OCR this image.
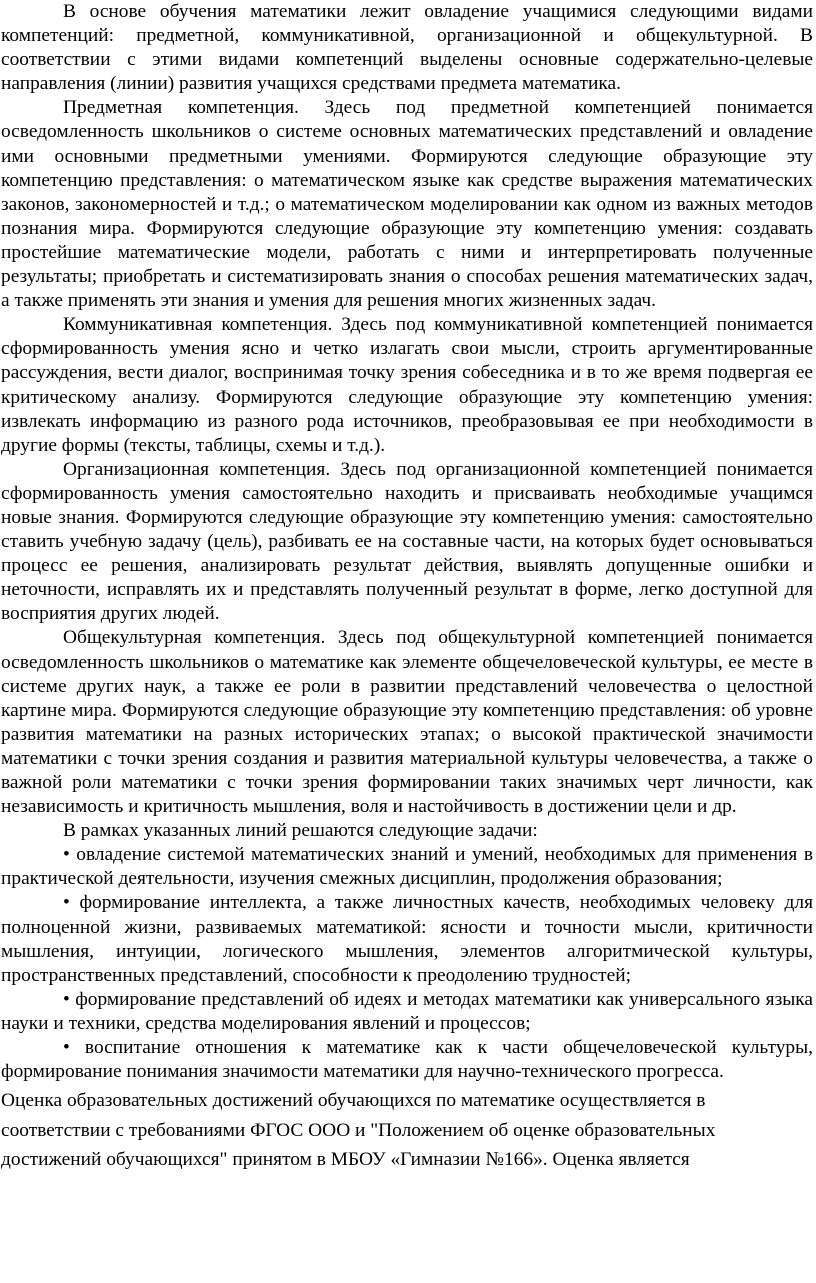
В основе обучения математики лежит овладение учащимися следующими видами компетенций: предметной, коммуникативной, организационной и общекультурной. В соответствии с этими видами компетенций выделены основные содержательно-целевые направления (линии) развития учащихся средствами предмета математика.

Предметная компетенция. Здесь под предметной компетенцией понимается осведомленность школьников о системе основных математических представлений и овладение ими основными предметными умениями. Формируются следующие образующие эту компетенцию представления: о математическом языке как средстве выражения математических законов, закономерностей и т.д.; о математическом моделировании как одном из важных методов познания мира. Формируются следующие образующие эту компетенцию умения: создавать простейшие математические модели, работать с ними и интерпретировать полученные результаты; приобретать и систематизировать знания о способах решения математических задач, а также применять эти знания и умения для решения многих жизненных задач.

Коммуникативная компетенция. Здесь под коммуникативной компетенцией понимается сформированность умения ясно и четко излагать свои мысли, строить аргументированные рассуждения, вести диалог, воспринимая точку зрения собеседника и в то же время подвергая ее критическому анализу. Формируются следующие образующие эту компетенцию умения: извлекать информацию из разного рода источников, преобразовывая ее при необходимости в другие формы (тексты, таблицы, схемы и т.д.).

Организационная компетенция. Здесь под организационной компетенцией понимается сформированность умения самостоятельно находить и присваивать необходимые учащимся новые знания. Формируются следующие образующие эту компетенцию умения: самостоятельно ставить учебную задачу (цель), разбивать ее на составные части, на которых будет основываться процесс ее решения, анализировать результат действия, выявлять допущенные ошибки и неточности, исправлять их и представлять полученный результат в форме, легко доступной для восприятия других людей.

Общекультурная компетенция. Здесь под общекультурной компетенцией понимается осведомленность школьников о математике как элементе общечеловеческой культуры, ее месте в системе других наук, а также ее роли в развитии представлений человечества о целостной картине мира. Формируются следующие образующие эту компетенцию представления: об уровне развития математики на разных исторических этапах; о высокой практической значимости математики с точки зрения создания и развития материальной культуры человечества, а также о важной роли математики с точки зрения формировании таких значимых черт личности, как независимость и критичность мышления, воля и настойчивость в достижении цели и др.

В рамках указанных линий решаются следующие задачи:

• овладение системой математических знаний и умений, необходимых для применения в практической деятельности, изучения смежных дисциплин, продолжения образования;

• формирование интеллекта, а также личностных качеств, необходимых человеку для полноценной жизни, развиваемых математикой: ясности и точности мысли, критичности мышления, интуиции, логического мышления, элементов алгоритмической культуры, пространственных представлений, способности к преодолению трудностей;

• формирование представлений об идеях и методах математики как универсального языка науки и техники, средства моделирования явлений и процессов;

• воспитание отношения к математике как к части общечеловеческой культуры, формирование понимания значимости математики для научно-технического прогресса.

Оценка образовательных достижений обучающихся по математике осуществляется в
соответствии с требованиями ФГОС ООО и "Положением об оценке образовательных
достижений обучающихся" принятом в МБОУ «Гимназии №166». Оценка является
